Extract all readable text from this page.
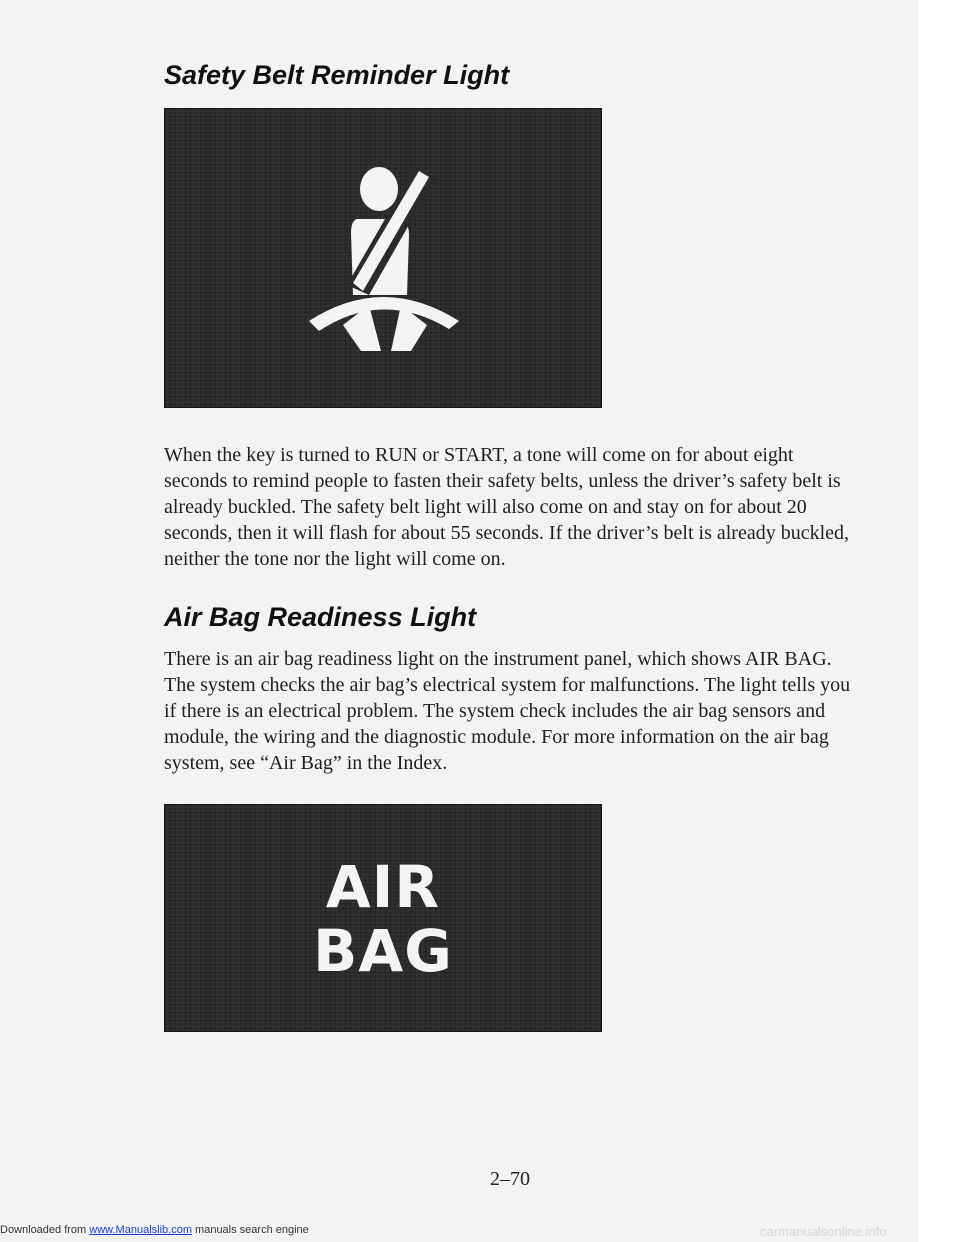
Safety Belt Reminder Light

When the key is turned to RUN or START, a tone will come on for about eight seconds to remind people to fasten their safety belts, unless the driver’s safety belt is already buckled. The safety belt light will also come on and stay on for about 20 seconds, then it will flash for about 55 seconds. If the driver’s belt is already buckled, neither the tone nor the light will come on.

Air Bag Readiness Light

There is an air bag readiness light on the instrument panel, which shows AIR BAG. The system checks the air bag’s electrical system for malfunctions. The light tells you if there is an electrical problem. The system check includes the air bag sensors and module, the wiring and the diagnostic module. For more information on the air bag system, see “Air Bag” in the Index.

AIR
BAG
2–70
Downloaded from www.Manualslib.com manuals search engine	carmanualsonline.info
